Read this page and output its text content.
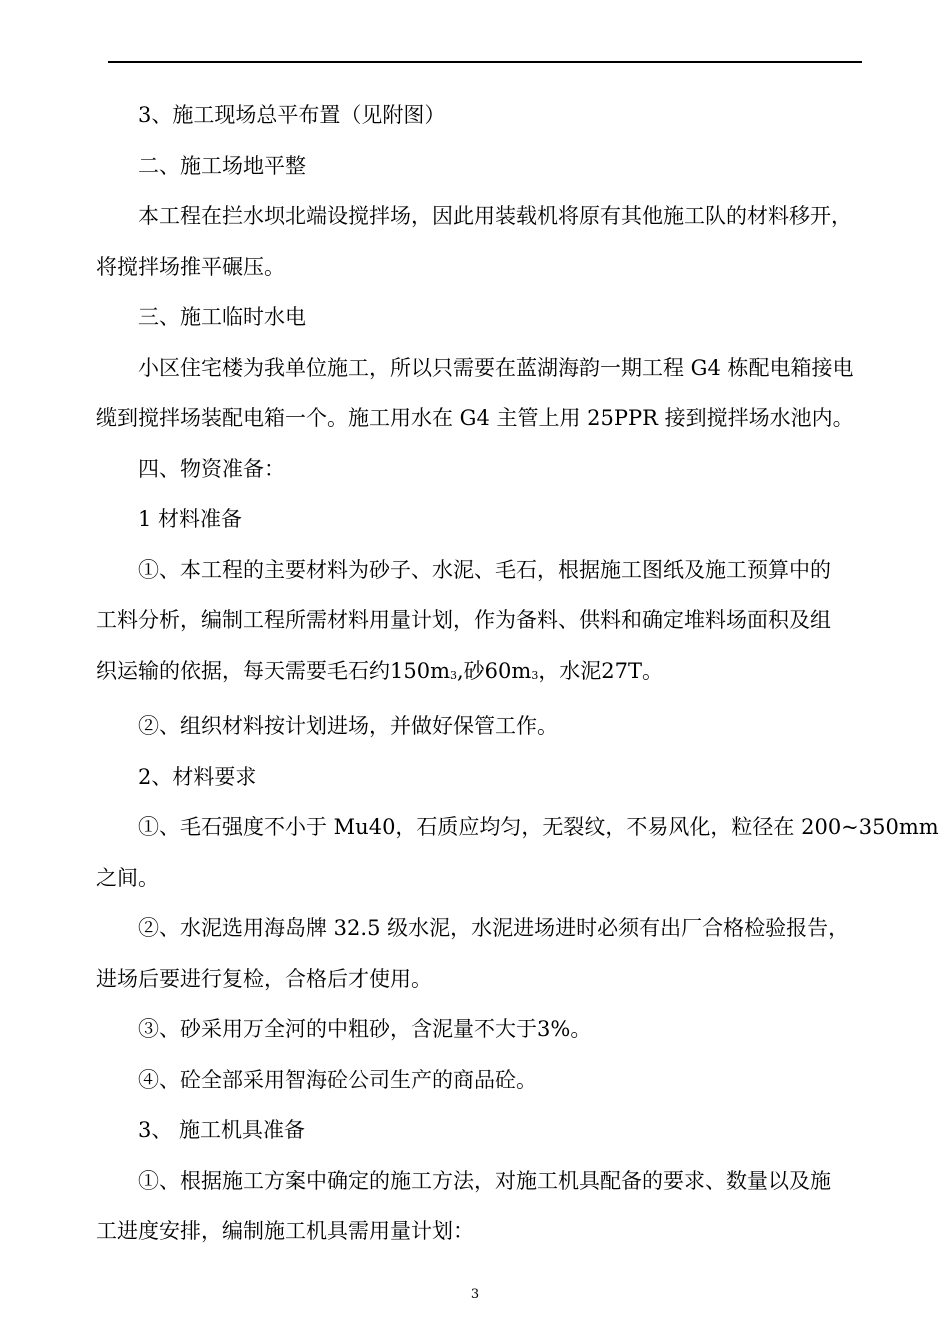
3、施工现场总平布置（见附图）

二、施工场地平整

本工程在拦水坝北端设搅拌场，因此用装载机将原有其他施工队的材料移开，

将搅拌场推平碾压。

三、施工临时水电

小区住宅楼为我单位施工，所以只需要在蓝湖海韵一期工程 G4 栋配电箱接电

缆到搅拌场装配电箱一个。施工用水在 G4 主管上用 25PPR 接到搅拌场水池内。

四、物资准备：

1 材料准备

①、本工程的主要材料为砂子、水泥、毛石，根据施工图纸及施工预算中的

工料分析，编制工程所需材料用量计划，作为备料、供料和确定堆料场面积及组

织运输的依据，每天需要毛石约150m3,砂60m3，水泥27T。

②、组织材料按计划进场，并做好保管工作。

2、材料要求

①、毛石强度不小于 Mu40，石质应均匀，无裂纹，不易风化，粒径在 200~350mm

之间。

②、水泥选用海岛牌 32.5 级水泥，水泥进场进时必须有出厂合格检验报告，

进场后要进行复检，合格后才使用。

③、砂采用万全河的中粗砂，含泥量不大于3%。

④、砼全部采用智海砼公司生产的商品砼。

3、 施工机具准备

①、根据施工方案中确定的施工方法，对施工机具配备的要求、数量以及施

工进度安排，编制施工机具需用量计划：

3
